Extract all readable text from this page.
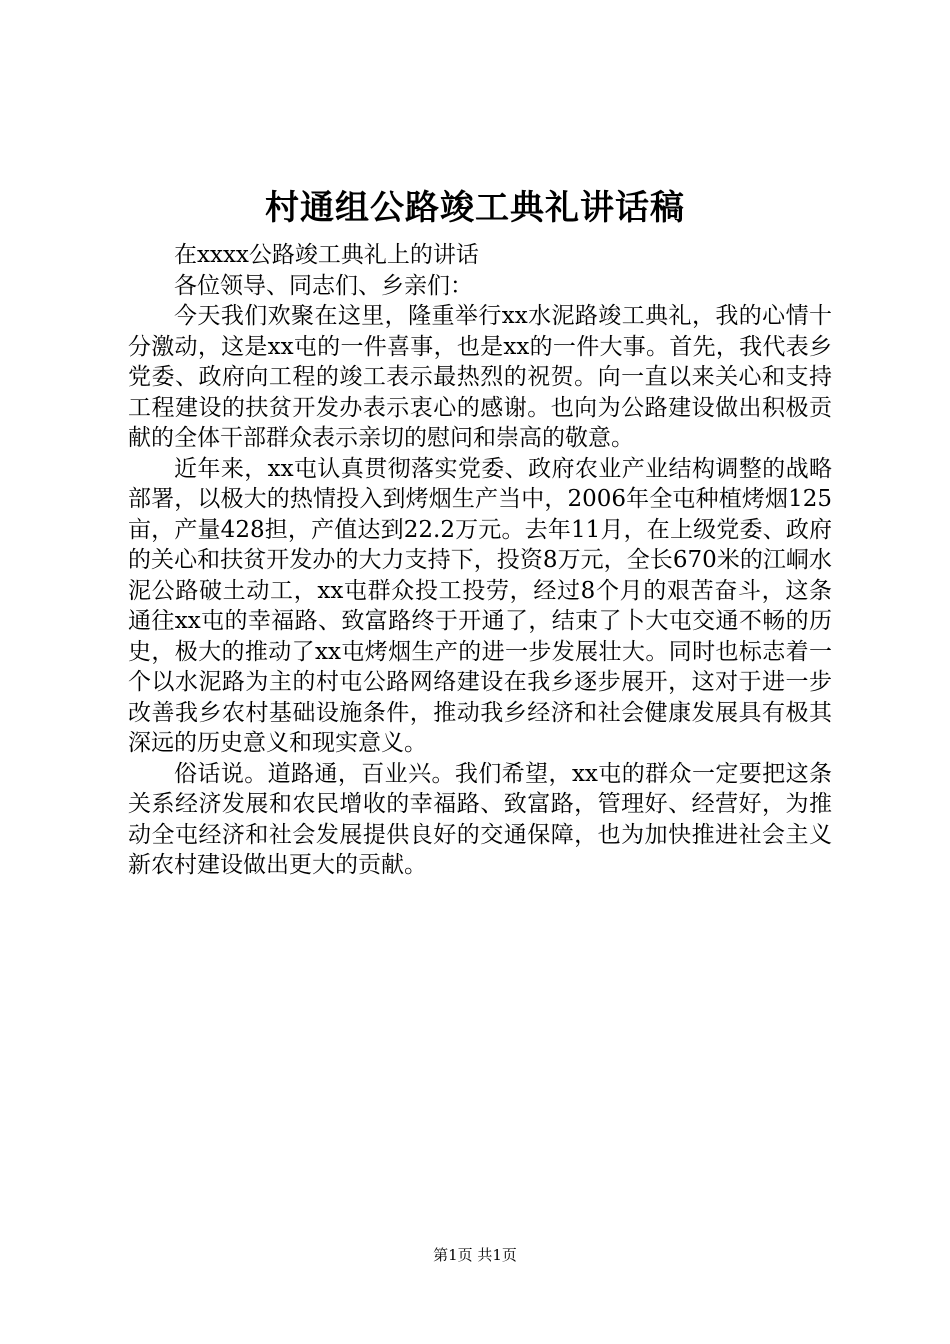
村通组公路竣工典礼讲话稿

在xxxx公路竣工典礼上的讲话

各位领导、同志们、乡亲们：

今天我们欢聚在这里，隆重举行xx水泥路竣工典礼，我的心情十分激动，这是xx屯的一件喜事，也是xx的一件大事。首先，我代表乡党委、政府向工程的竣工表示最热烈的祝贺。向一直以来关心和支持工程建设的扶贫开发办表示衷心的感谢。也向为公路建设做出积极贡献的全体干部群众表示亲切的慰问和崇高的敬意。

近年来，xx屯认真贯彻落实党委、政府农业产业结构调整的战略部署，以极大的热情投入到烤烟生产当中，2006年全屯种植烤烟125亩，产量428担，产值达到22.2万元。去年11月，在上级党委、政府的关心和扶贫开发办的大力支持下，投资8万元，全长670米的江峒水泥公路破土动工，xx屯群众投工投劳，经过8个月的艰苦奋斗，这条通往xx屯的幸福路、致富路终于开通了，结束了卜大屯交通不畅的历史，极大的推动了xx屯烤烟生产的进一步发展壮大。同时也标志着一个以水泥路为主的村屯公路网络建设在我乡逐步展开，这对于进一步改善我乡农村基础设施条件，推动我乡经济和社会健康发展具有极其深远的历史意义和现实意义。

俗话说。道路通，百业兴。我们希望，xx屯的群众一定要把这条关系经济发展和农民增收的幸福路、致富路，管理好、经营好，为推动全屯经济和社会发展提供良好的交通保障，也为加快推进社会主义新农村建设做出更大的贡献。

第1页 共1页
